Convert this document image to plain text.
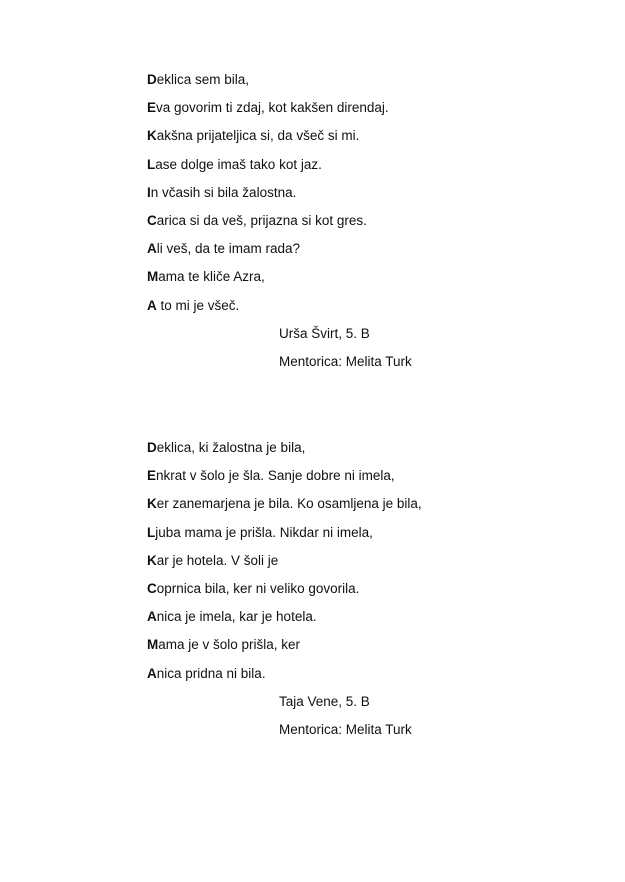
Deklica sem bila,
Eva govorim ti zdaj, kot kakšen direndaj.
Kakšna prijateljica si, da všeč si mi.
Lase dolge imaš tako kot jaz.
In včasih si bila žalostna.
Carica si da veš, prijazna si kot gres.
Ali veš, da te imam rada?
Mama te kliče Azra,
A to mi je všeč.
Urša Švirt, 5. B
Mentorica: Melita Turk
Deklica, ki žalostna je bila,
Enkrat v šolo je šla. Sanje dobre ni imela,
Ker zanemarjena je bila. Ko osamljena je bila,
Ljuba mama je prišla. Nikdar ni imela,
Kar je hotela. V šoli je
Coprnica bila, ker ni veliko govorila.
Anica je imela, kar je hotela.
Mama je v šolo prišla, ker
Anica pridna ni bila.
Taja Vene, 5. B
Mentorica: Melita Turk
